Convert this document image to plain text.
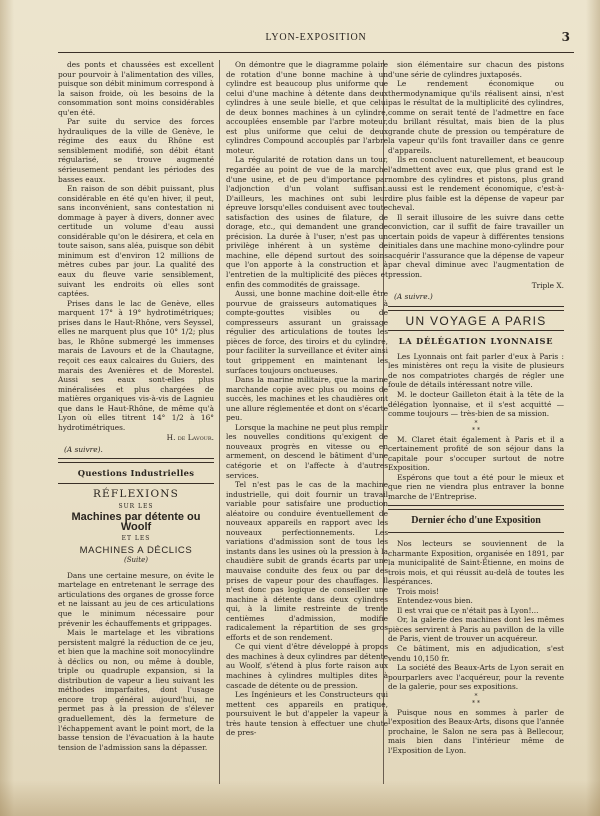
LYON-EXPOSITION	3

des ponts et chaussées est excellent pour pourvoir à l'alimentation des villes, puisque son débit minimum correspond à la saison froide, où les besoins de la consommation sont moins considérables qu'en été.

Par suite du service des forces hydrauliques de la ville de Genève, le régime des eaux du Rhône est sensiblement modifié, son débit étant régularisé, se trouve augmenté sérieusement pendant les périodes des basses eaux.

En raison de son débit puissant, plus considérable en été qu'en hiver, il peut, sans inconvénient, sans contestation ni dommage à payer à divers, donner avec certitude un volume d'eau aussi considérable qu'on le désirera, et cela en toute saison, sans aléa, puisque son débit minimum est d'environ 12 millions de mètres cubes par jour. La qualité des eaux du fleuve varie sensiblement, suivant les endroits où elles sont captées.

Prises dans le lac de Genève, elles marquent 17° à 19° hydrotimétriques; prises dans le Haut-Rhône, vers Seyssel, elles ne marquent plus que 10° 1/2; plus bas, le Rhône submergé les immenses marais de Lavours et de la Chautagne, reçoit ces eaux calcaires du Guiers, des marais des Avenières et de Morestel. Aussi ses eaux sont-elles plus minéralisées et plus chargées de matières organiques vis-à-vis de Lagnieu que dans le Haut-Rhône, de même qu'à Lyon où elles titrent 14° 1/2 à 16° hydrotimétriques.

H. de Lavour.
(A suivre).
Questions Industrielles
RÉFLEXIONS
SUR LES
Machines par détente ou Woolf
ET LES
MACHINES A DÉCLICS
(Suite)

Dans une certaine mesure, on évite le martelage en entretenant le serrage des articulations des organes de grosse force et ne laissant au jeu de ces articulations que le minimum nécessaire pour prévenir les échauffements et grippages.

Mais le martelage et les vibrations persistent malgré la réduction de ce jeu, et bien que la machine soit monocylindre à déclics ou non, ou même à double, triple ou quadruple expansion, si la distribution de vapeur a lieu suivant les méthodes imparfaites, dont l'usage encore trop général aujourd'hui, ne permet pas à la pression de s'élever graduellement, dès la fermeture de l'échappement avant le point mort, de la basse tension de l'évacuation à la haute tension de l'admission sans la dépasser.

On démontre que le diagramme polaire de rotation d'une bonne machine à un cylindre est beaucoup plus uniforme que celui d'une machine à détente dans deux cylindres à une seule bielle, et que celui de deux bonnes machines à un cylindre, accouplées ensemble par l'arbre moteur, est plus uniforme que celui de deux cylindres Compound accouplés par l'arbre moteur.

La régularité de rotation dans un tour, regardée au point de vue de la marche d'une usine, et de peu d'importance par l'adjonction d'un volant suffisant. D'ailleurs, les machines ont subi leur épreuve lorsqu'elles conduisent avec toute satisfaction des usines de filature, de dorage, etc., qui demandent une grande précision. La durée à l'user, n'est pas un privilège inhérent à un système de machine, elle dépend surtout des soins que l'on apporte à la construction et à l'entretien de la multiplicité des pièces et enfin des commodités de graissage.

Aussi, une bonne machine doit-elle être pourvue de graisseurs automatiques à compte-gouttes visibles ou de compresseurs assurant un graissage régulier des articulations de toutes les pièces de force, des tiroirs et du cylindre, pour faciliter la surveillance et éviter ainsi tout grippement en maintenant les surfaces toujours onctueuses.

Dans la marine militaire, que la marine marchande copie avec plus ou moins de succès, les machines et les chaudières ont une allure réglementée et dont on s'écarte peu.

Lorsque la machine ne peut plus remplir les nouvelles conditions qu'exigent de nouveaux progrès en vitesse ou en armement, on descend le bâtiment d'une catégorie et on l'affecte à d'autres services.

Tel n'est pas le cas de la machine industrielle, qui doit fournir un travail variable pour satisfaire une production aléatoire ou conduire éventuellement de nouveaux appareils en rapport avec les nouveaux perfectionnements. Les variations d'admission sont de tous les instants dans les usines où la pression à la chaudière subit de grands écarts par une mauvaise conduite des feux ou par des prises de vapeur pour des chauffages. Il n'est donc pas logique de conseiller une machine à détente dans deux cylindres qui, à la limite restreinte de trente centièmes d'admission, modifie radicalement la répartition de ses gros efforts et de son rendement.

Ce qui vient d'être développé à propos des machines à deux cylindres par détente au Woolf, s'étend à plus forte raison aux machines à cylindres multiples dites à cascade de détente ou de pression.

Les Ingénieurs et les Constructeurs qui mettent ces appareils en pratique, poursuivent le but d'appeler la vapeur à très haute tension à effectuer une chute de pres-

sion élémentaire sur chacun des pistons d'une série de cylindres juxtaposés.

Le rendement économique ou thermodynamique qu'ils réalisent ainsi, n'est pas le résultat de la multiplicité des cylindres, comme on serait tenté de l'admettre en face du brillant résultat, mais bien de la plus grande chute de pression ou température de la vapeur qu'ils font travailler dans ce genre d'appareils.

Ils en concluent naturellement, et beaucoup l'admettent avec eux, que plus grand est le nombre des cylindres et pistons, plus grand aussi est le rendement économique, c'est-à-dire plus faible est la dépense de vapeur par cheval.

Il serait illusoire de les suivre dans cette conviction, car il suffit de faire travailler un certain poids de vapeur à différentes tensions initiales dans une machine mono-cylindre pour acquérir l'assurance que la dépense de vapeur par cheval diminue avec l'augmentation de pression.

Triple X.
(A suivre.)
UN VOYAGE A PARIS
LA DÉLÉGATION LYONNAISE

Les Lyonnais ont fait parler d'eux à Paris : les ministères ont reçu la visite de plusieurs de nos compatriotes chargés de régler une foule de détails intéressant notre ville.

M. le docteur Gailleton était à la tête de la délégation lyonnaise, et il s'est acquitté — comme toujours — très-bien de sa mission.

*
* *

M. Claret était également à Paris et il a certainement profité de son séjour dans la capitale pour s'occuper surtout de notre Exposition.

Espérons que tout a été pour le mieux et que rien ne viendra plus entraver la bonne marche de l'Entreprise.

Dernier écho d'une Exposition

Nos lecteurs se souviennent de la charmante Exposition, organisée en 1891, par la municipalité de Saint-Étienne, en moins de trois mois, et qui réussit au-delà de toutes les espérances.

Trois mois!

Entendez-vous bien.

Il est vrai que ce n'était pas à Lyon!...

Or, la galerie des machines dont les mêmes pièces servirent à Paris au pavillon de la ville de Paris, vient de trouver un acquéreur.

Ce bâtiment, mis en adjudication, s'est vendu 10,150 fr.

La société des Beaux-Arts de Lyon serait en pourparlers avec l'acquéreur, pour la revente de la galerie, pour ses expositions.

*
* *

Puisque nous en sommes à parler de l'exposition des Beaux-Arts, disons que l'année prochaine, le Salon ne sera pas à Bellecour, mais bien dans l'intérieur même de l'Exposition de Lyon.
